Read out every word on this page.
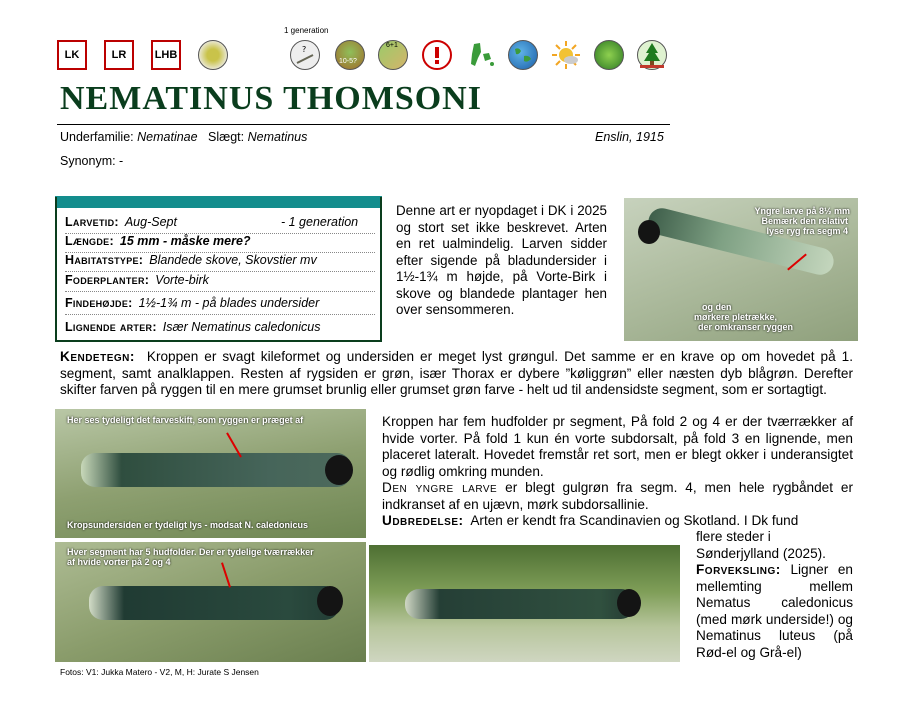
LK	LR	LHB
1 generation
?
10-5?
6+1
NEMATINUS THOMSONI
Underfamilie: Nematinae Slægt: Nematinus	Enslin, 1915
Synonym: -
Larvetid: Aug-Sept	- 1 generation
Længde: 15 mm - måske mere?
Habitatstype: Blandede skove, Skovstier mv
Foderplanter: Vorte-birk
Findehøjde: 1½-1¾ m - på blades undersider
Lignende arter: Især Nematinus caledonicus
Denne art er nyopdaget i DK i 2025 og stort set ikke beskrevet. Arten en ret ualmindelig. Larven sidder efter sigende på bladundersider i 1½-1¾ m højde, på Vorte-Birk i skove og blandede plantager hen over sensommeren.
Yngre larve på 8½ mm
Bemærk den relativt
lyse ryg fra segm 4
og den
mørkere pletrække,
der omkranser ryggen
Kendetegn: Kroppen er svagt kileformet og undersiden er meget lyst grøngul. Det samme er en krave op om hovedet på 1. segment, samt analklappen. Resten af rygsiden er grøn, især Thorax er dybere ”køliggrøn” eller næsten dyb blågrøn. Derefter skifter farven på ryggen til en mere grumset brunlig eller grumset grøn farve - helt ud til andensidste segment, som er sortagtigt.
Kroppen har fem hudfolder pr segment, På fold 2 og 4 er der tværrækker af hvide vorter. På fold 1 kun én vorte subdorsalt, på fold 3 en lignende, men placeret lateralt. Hovedet fremstår ret sort, men er blegt okker i underansigtet og rødlig omkring munden.
Den yngre larve er blegt gulgrøn fra segm. 4, men hele rygbåndet er indkranset af en ujævn, mørk subdorsallinie.
Udbredelse: Arten er kendt fra Scandinavien og Skotland. I Dk fund
flere steder i Sønderjylland (2025).
Forveksling: Ligner en mellemting mellem Nematus caledonicus (med mørk underside!) og Nematinus luteus (på Rød-el og Grå-el)
Her ses tydeligt det farveskift, som ryggen er præget af
Kropsundersiden er tydeligt lys - modsat N. caledonicus
Hver segment har 5 hudfolder. Der er tydelige tværrækker
af hvide vorter på 2 og 4
Fotos: V1: Jukka Matero - V2, M, H: Jurate S Jensen
